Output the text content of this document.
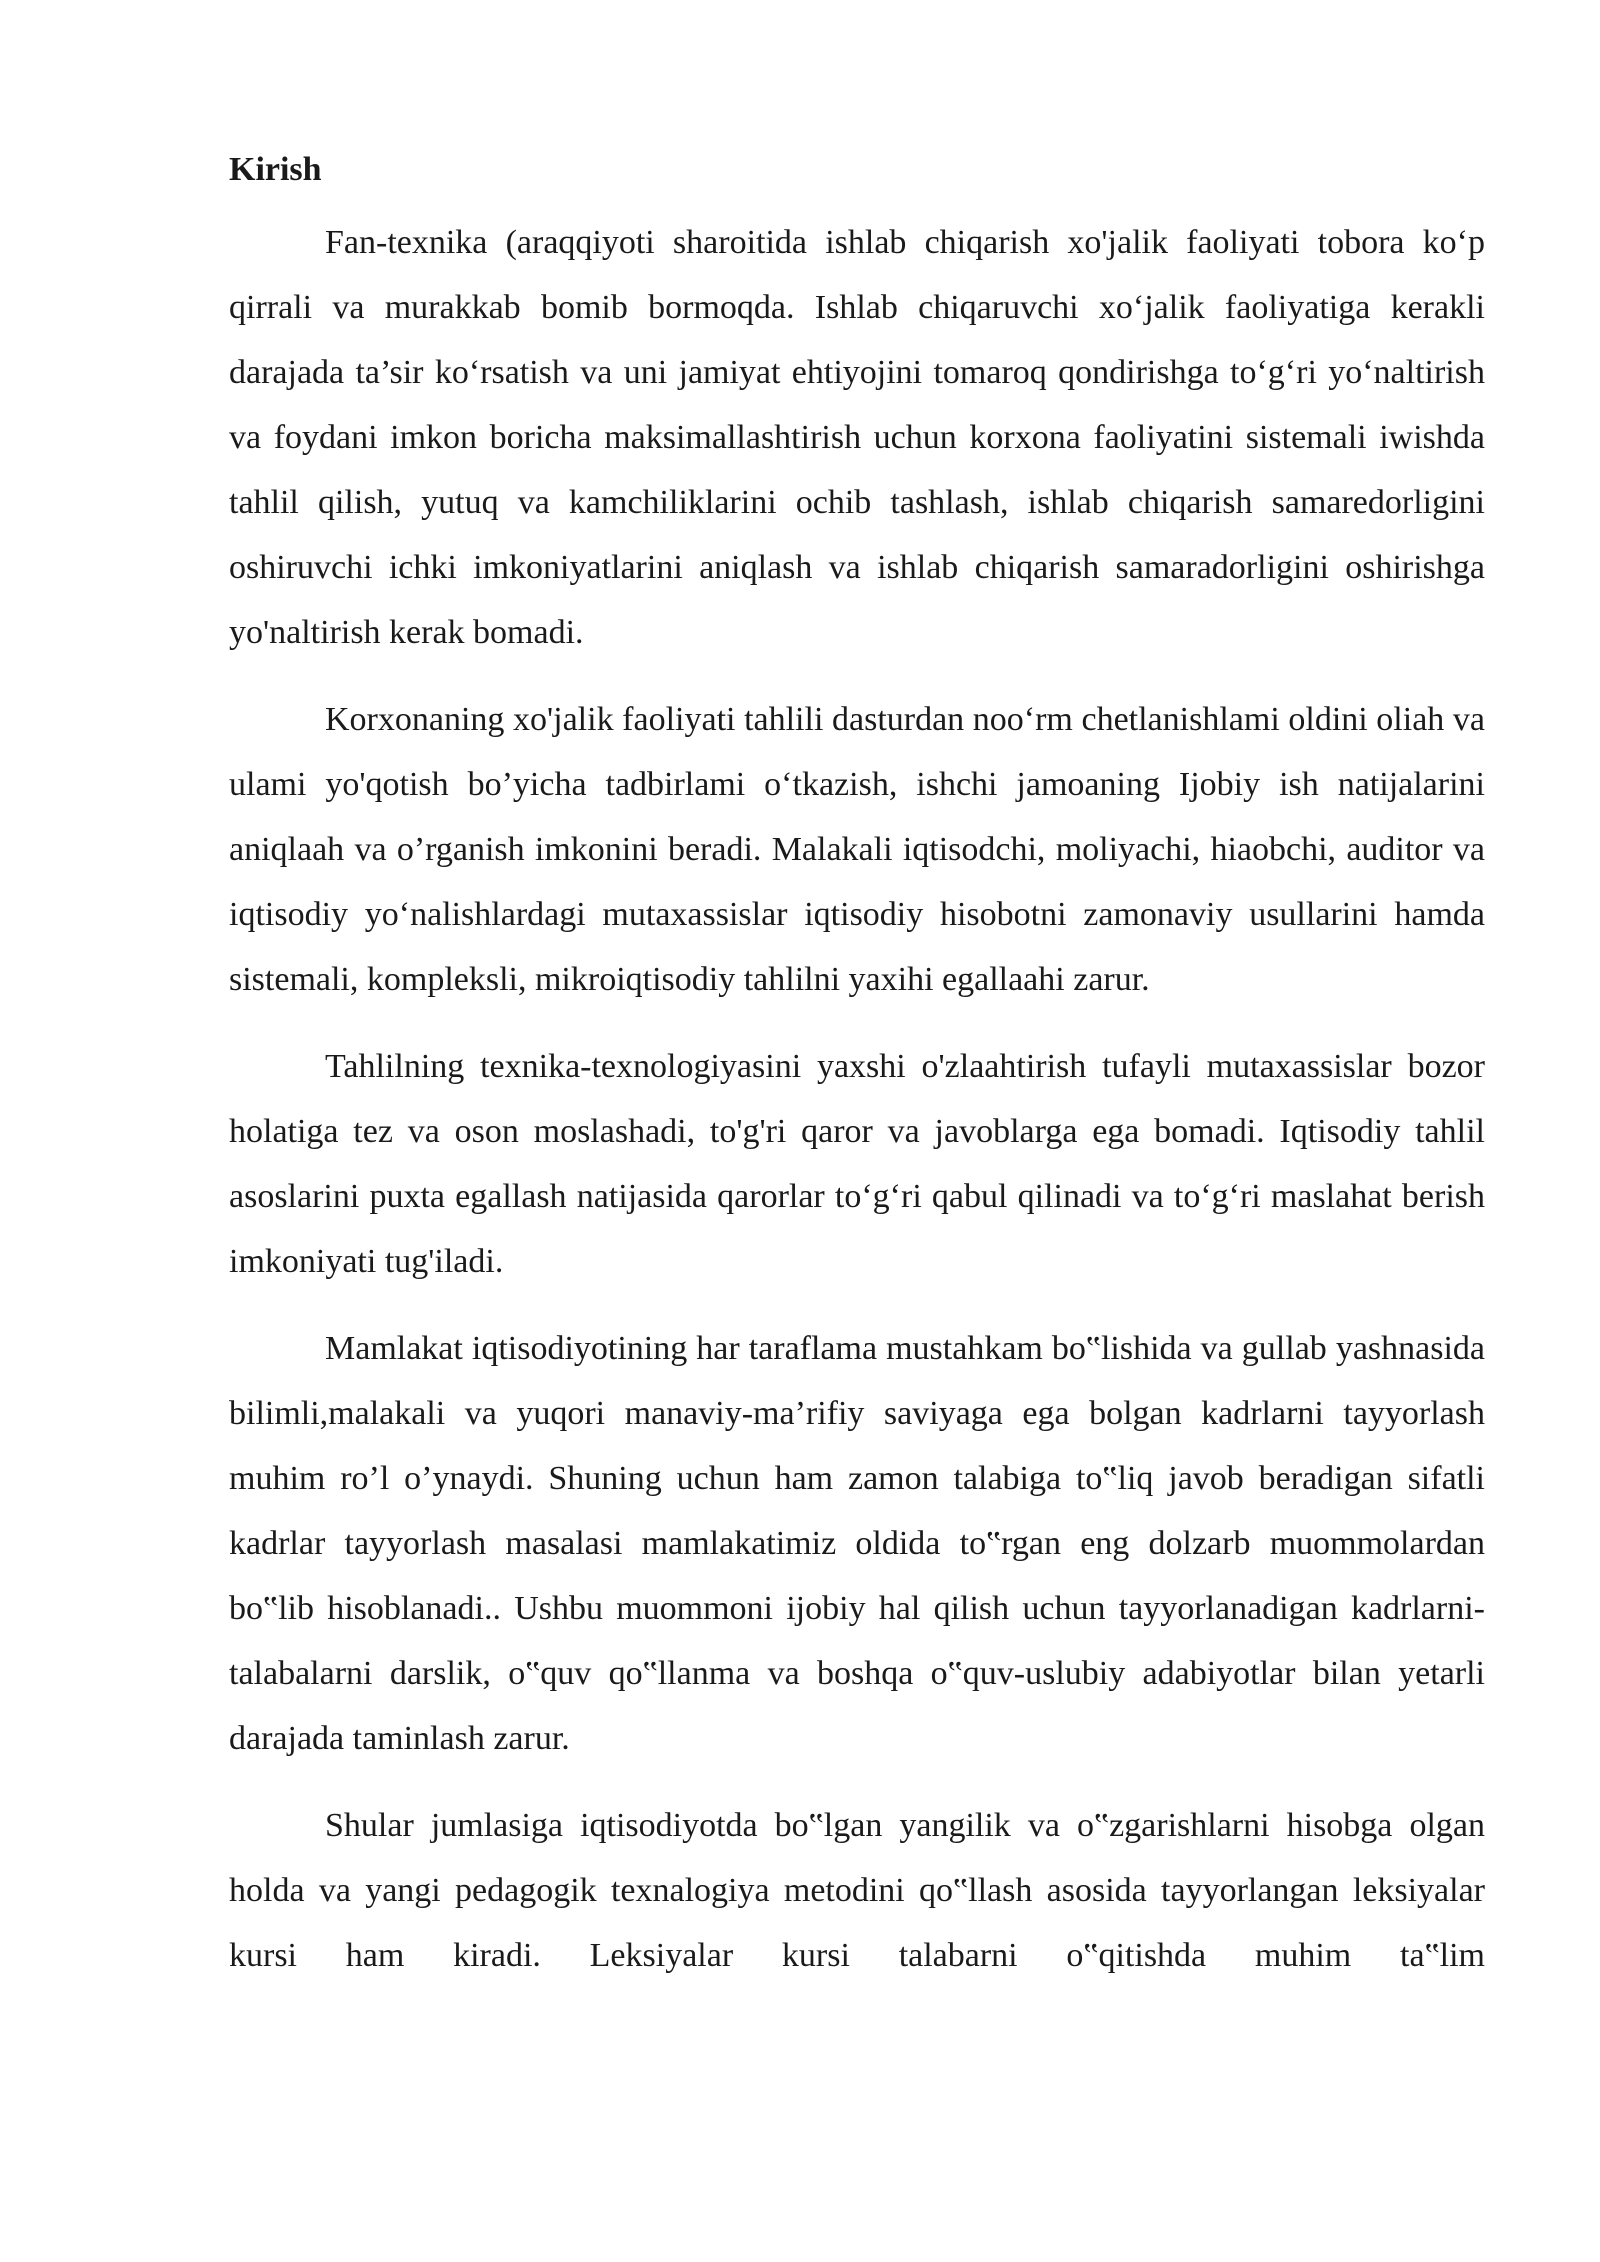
Kirish

Fan-texnika (araqqiyoti sharoitida ishlab chiqarish xo'jalik faoliyati tobora ko‘p qirrali va murakkab bomib bormoqda. Ishlab chiqaruvchi xo‘jalik faoliyatiga kerakli darajada ta’sir ko‘rsatish va uni jamiyat ehtiyojini tomaroq qondirishga to‘g‘ri yo‘naltirish va foydani imkon boricha maksimallashtirish uchun korxona faoliyatini sistemali iwishda tahlil qilish, yutuq va kamchiliklarini ochib tashlash, ishlab chiqarish samaredorligini oshiruvchi ichki imkoniyatlarini aniqlash va ishlab chiqarish samaradorligini oshirishga yo'naltirish kerak bomadi.

Korxonaning xo'jalik faoliyati tahlili dasturdan noo‘rm chetlanishlami oldini oliah va ulami yo'qotish bo’yicha tadbirlami o‘tkazish, ishchi jamoaning Ijobiy ish natijalarini aniqlaah va o’rganish imkonini beradi. Malakali iqtisodchi, moliyachi, hiaobchi, auditor va iqtisodiy yo‘nalishlardagi mutaxassislar iqtisodiy hisobotni zamonaviy usullarini hamda sistemali, kompleksli, mikroiqtisodiy tahlilni yaxihi egallaahi zarur.

Tahlilning texnika-texnologiyasini yaxshi o'zlaahtirish tufayli mutaxassislar bozor holatiga tez va oson moslashadi, to'g'ri qaror va javoblarga ega bomadi. Iqtisodiy tahlil asoslarini puxta egallash natijasida qarorlar to‘g‘ri qabul qilinadi va to‘g‘ri maslahat berish imkoniyati tug'iladi.

Mamlakat iqtisodiyotining har taraflama mustahkam bo‟lishida va gullab yashnasida bilimli,malakali va yuqori manaviy-ma’rifiy saviyaga ega bolgan kadrlarni tayyorlash muhim ro’l o’ynaydi. Shuning uchun ham zamon talabiga to‟liq javob beradigan sifatli kadrlar tayyorlash masalasi mamlakatimiz oldida to‟rgan eng dolzarb muommolardan bo‟lib hisoblanadi.. Ushbu muommoni ijobiy hal qilish uchun tayyorlanadigan kadrlarni-talabalarni darslik, o‟quv qo‟llanma va boshqa o‟quv-uslubiy adabiyotlar bilan yetarli darajada taminlash zarur.

Shular jumlasiga iqtisodiyotda bo‟lgan yangilik va o‟zgarishlarni hisobga olgan holda va yangi pedagogik texnalogiya metodini qo‟llash asosida tayyorlangan leksiyalar kursi ham kiradi. Leksiyalar kursi talabarni o‟qitishda muhim ta‟lim
